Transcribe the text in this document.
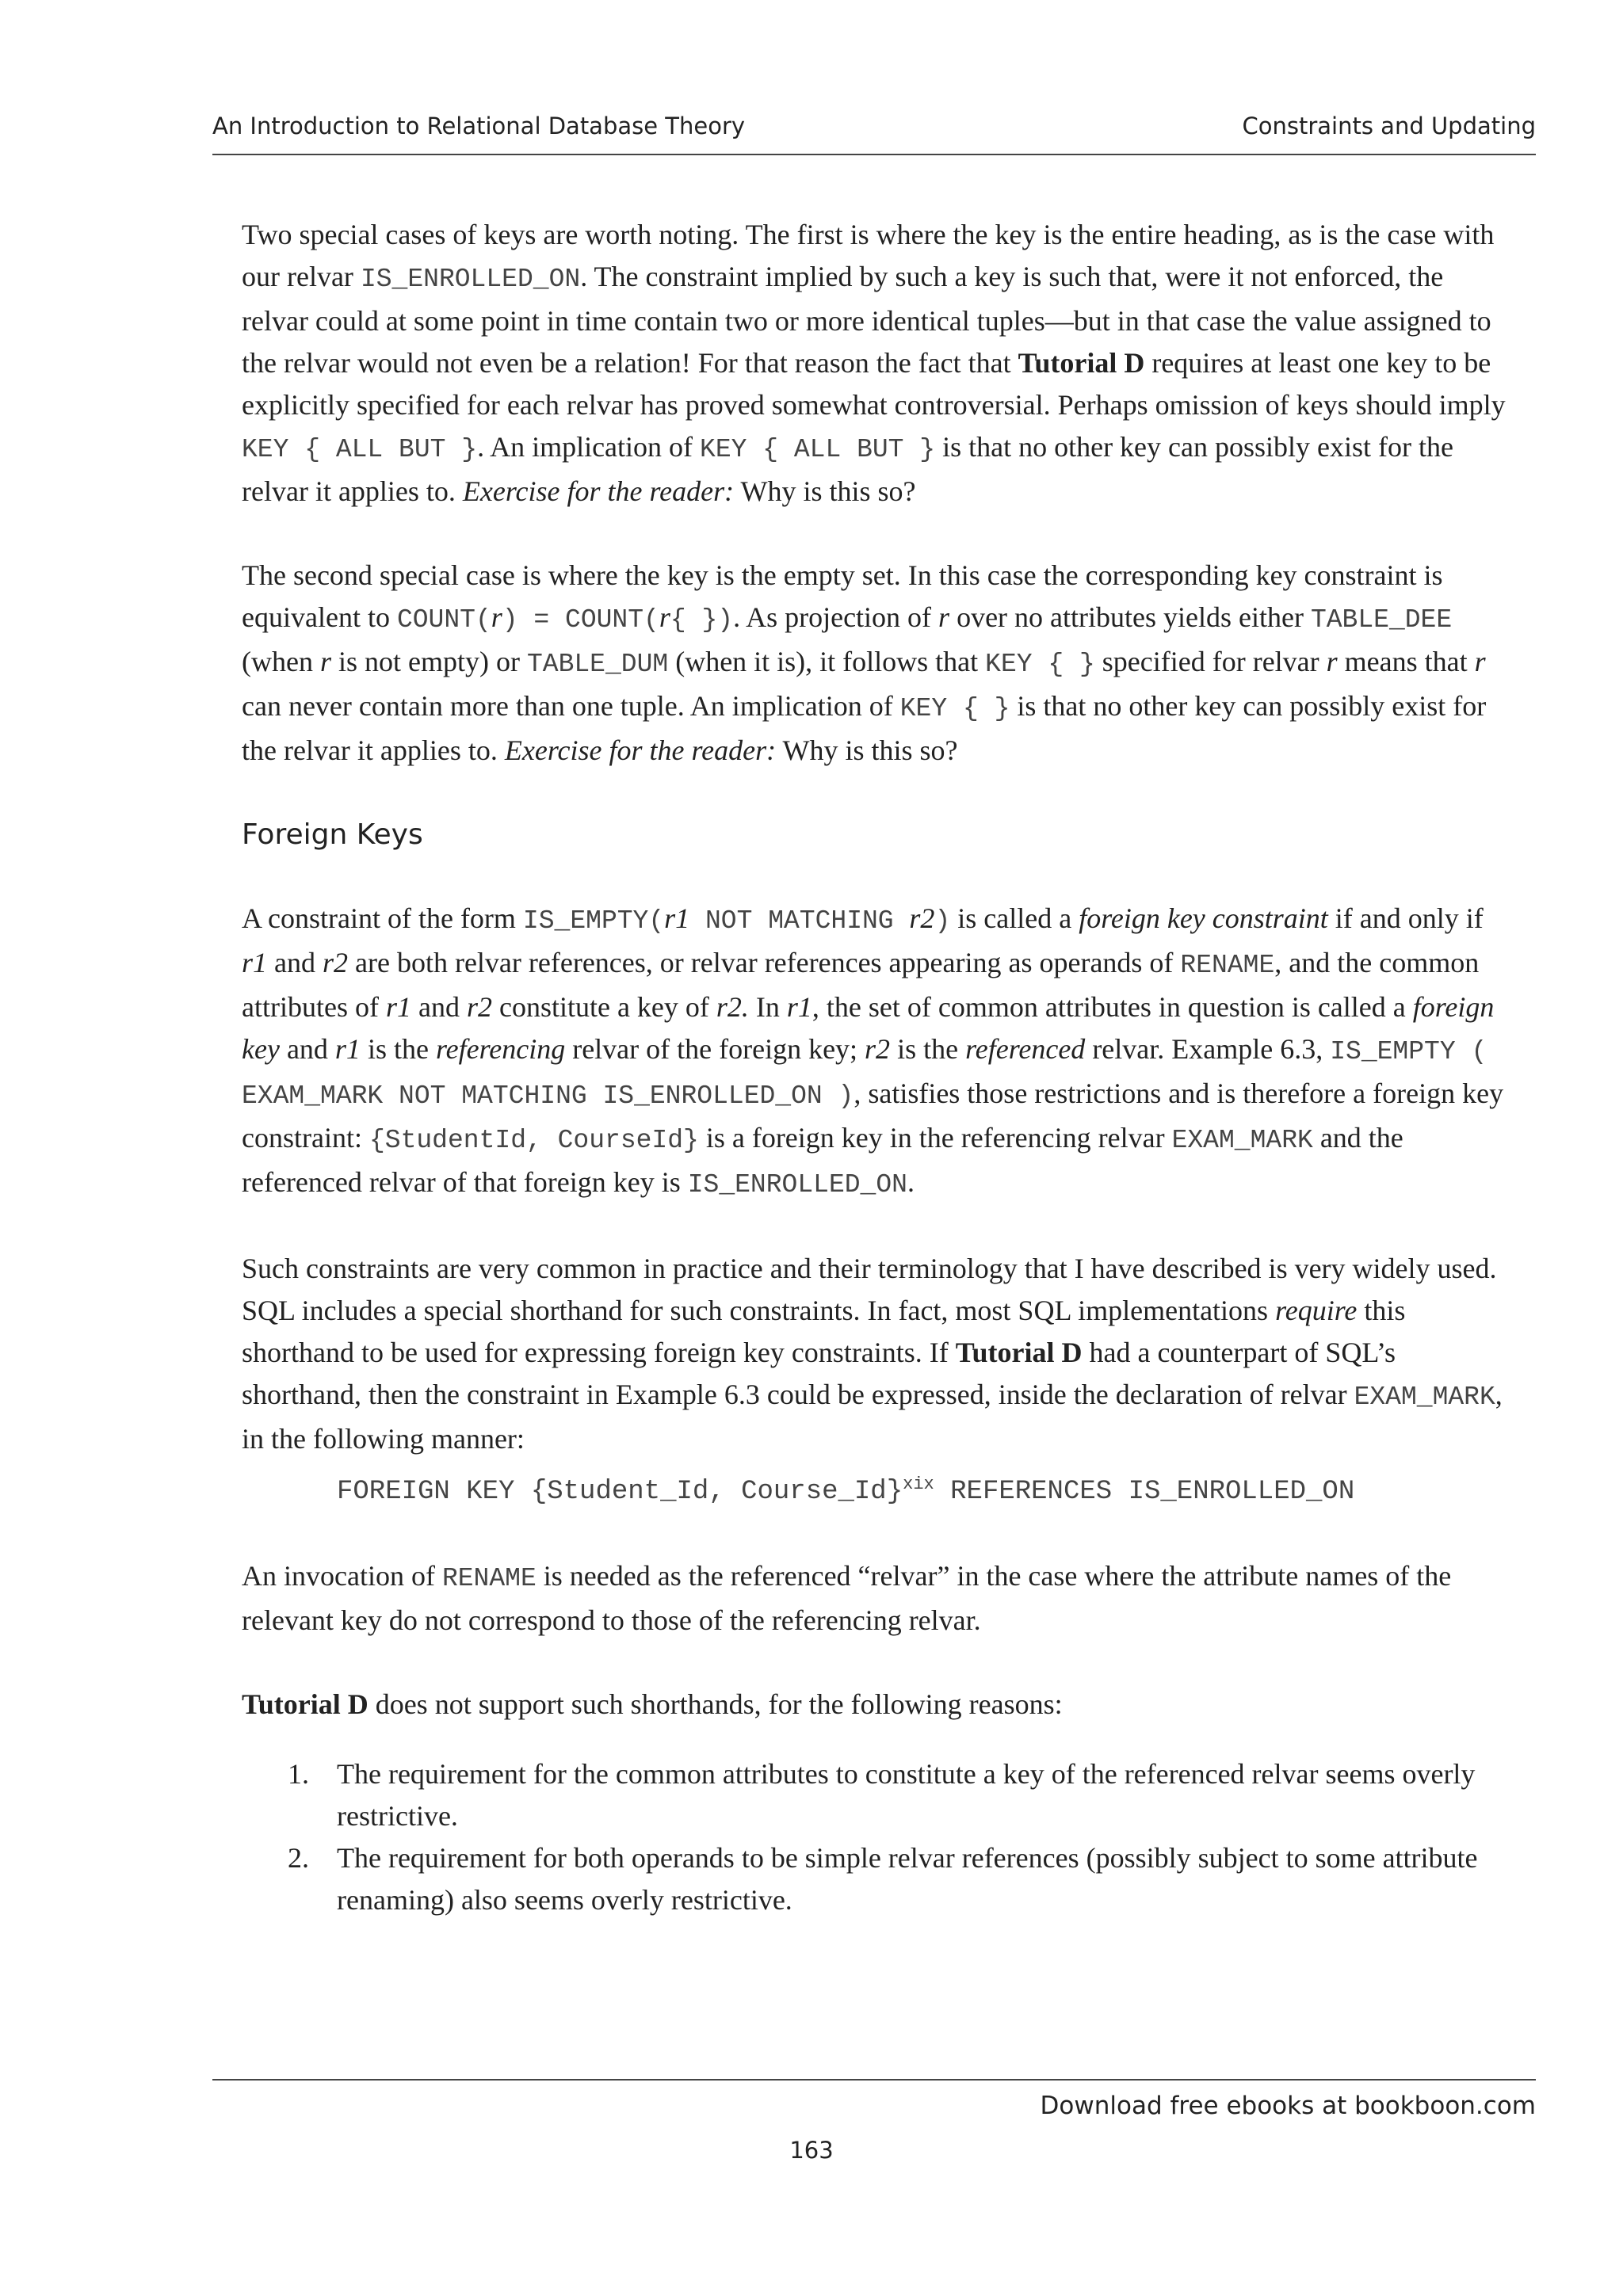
An Introduction to Relational Database Theory	Constraints and Updating

Two special cases of keys are worth noting. The first is where the key is the entire heading, as is the case with our relvar IS_ENROLLED_ON. The constraint implied by such a key is such that, were it not enforced, the relvar could at some point in time contain two or more identical tuples—but in that case the value assigned to the relvar would not even be a relation! For that reason the fact that Tutorial D requires at least one key to be explicitly specified for each relvar has proved somewhat controversial. Perhaps omission of keys should imply KEY { ALL BUT }. An implication of KEY { ALL BUT } is that no other key can possibly exist for the relvar it applies to. Exercise for the reader: Why is this so?

The second special case is where the key is the empty set. In this case the corresponding key constraint is equivalent to COUNT(r) = COUNT(r{ }). As projection of r over no attributes yields either TABLE_DEE (when r is not empty) or TABLE_DUM (when it is), it follows that KEY { } specified for relvar r means that r can never contain more than one tuple. An implication of KEY { } is that no other key can possibly exist for the relvar it applies to. Exercise for the reader: Why is this so?

Foreign Keys

A constraint of the form IS_EMPTY(r1 NOT MATCHING r2) is called a foreign key constraint if and only if r1 and r2 are both relvar references, or relvar references appearing as operands of RENAME, and the common attributes of r1 and r2 constitute a key of r2. In r1, the set of common attributes in question is called a foreign key and r1 is the referencing relvar of the foreign key; r2 is the referenced relvar. Example 6.3, IS_EMPTY ( EXAM_MARK NOT MATCHING IS_ENROLLED_ON ), satisfies those restrictions and is therefore a foreign key constraint: {StudentId, CourseId} is a foreign key in the referencing relvar EXAM_MARK and the referenced relvar of that foreign key is IS_ENROLLED_ON.

Such constraints are very common in practice and their terminology that I have described is very widely used. SQL includes a special shorthand for such constraints. In fact, most SQL implementations require this shorthand to be used for expressing foreign key constraints. If Tutorial D had a counterpart of SQL’s shorthand, then the constraint in Example 6.3 could be expressed, inside the declaration of relvar EXAM_MARK, in the following manner:

FOREIGN KEY {Student_Id, Course_Id}$^{xix}$ REFERENCES IS_ENROLLED_ON

An invocation of RENAME is needed as the referenced “relvar” in the case where the attribute names of the relevant key do not correspond to those of the referencing relvar.

Tutorial D does not support such shorthands, for the following reasons:

1. The requirement for the common attributes to constitute a key of the referenced relvar seems overly restrictive.
2. The requirement for both operands to be simple relvar references (possibly subject to some attribute renaming) also seems overly restrictive.
Download free ebooks at bookboon.com
163
